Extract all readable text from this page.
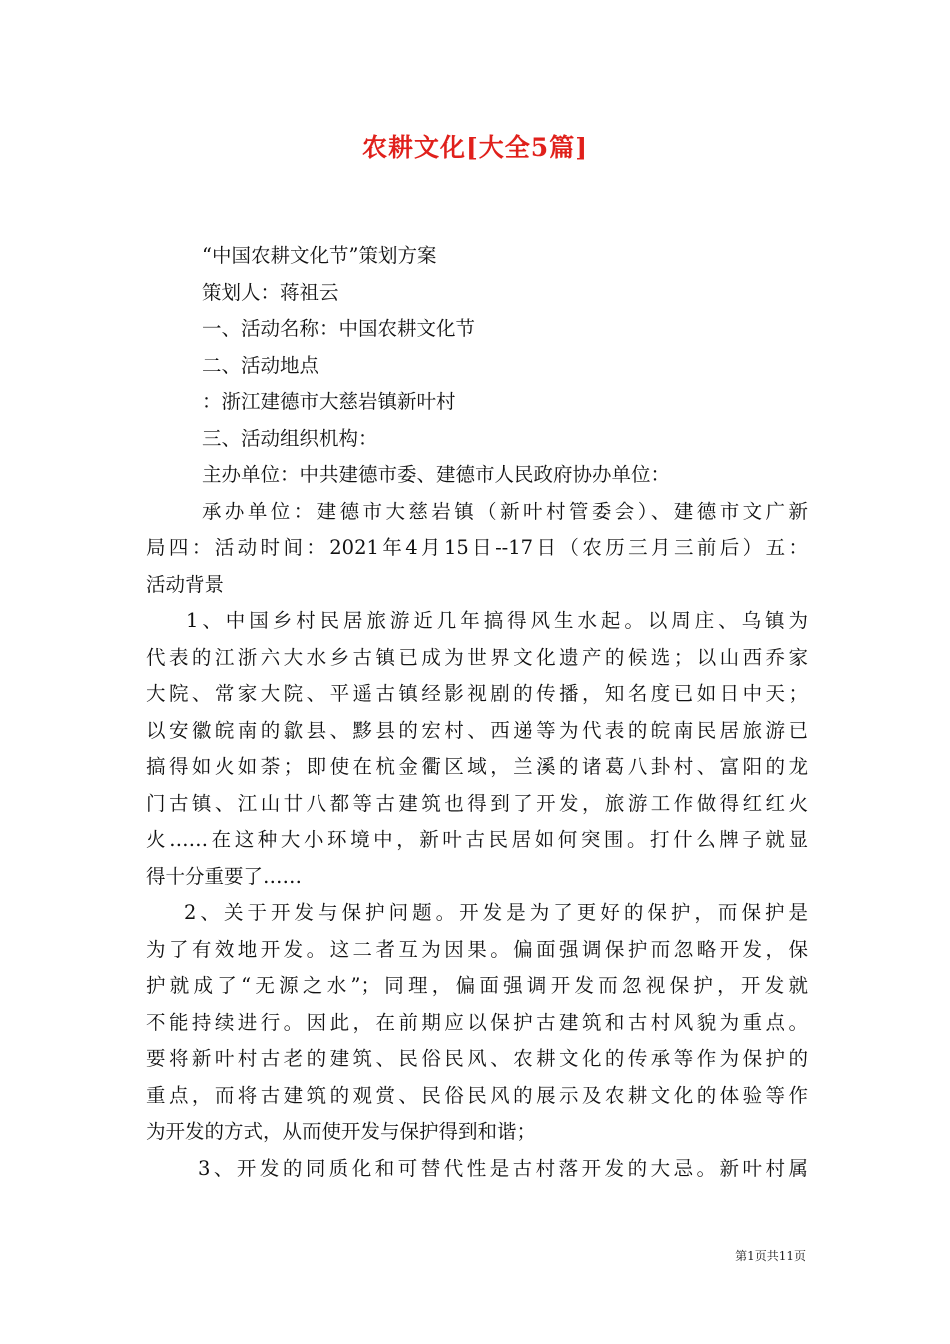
农耕文化[大全5篇]
“中国农耕文化节”策划方案
策划人：蒋祖云
一、活动名称：中国农耕文化节
二、活动地点
：浙江建德市大慈岩镇新叶村
三、活动组织机构：
主办单位：中共建德市委、建德市人民政府协办单位：
承办单位：建德市大慈岩镇（新叶村管委会）、建德市文广新
局四：活动时间：2021年4月15日--17日（农历三月三前后）五：
活动背景
1、中国乡村民居旅游近几年搞得风生水起。以周庄、乌镇为
代表的江浙六大水乡古镇已成为世界文化遗产的候选；以山西乔家
大院、常家大院、平遥古镇经影视剧的传播，知名度已如日中天；
以安徽皖南的歙县、黟县的宏村、西递等为代表的皖南民居旅游已
搞得如火如荼；即使在杭金衢区域，兰溪的诸葛八卦村、富阳的龙
门古镇、江山廿八都等古建筑也得到了开发，旅游工作做得红红火
火……在这种大小环境中，新叶古民居如何突围。打什么牌子就显
得十分重要了……
2、关于开发与保护问题。开发是为了更好的保护，而保护是
为了有效地开发。这二者互为因果。偏面强调保护而忽略开发，保
护就成了“无源之水”；同理，偏面强调开发而忽视保护，开发就
不能持续进行。因此，在前期应以保护古建筑和古村风貌为重点。
要将新叶村古老的建筑、民俗民风、农耕文化的传承等作为保护的
重点，而将古建筑的观赏、民俗民风的展示及农耕文化的体验等作
为开发的方式，从而使开发与保护得到和谐；
3、开发的同质化和可替代性是古村落开发的大忌。新叶村属
第1页共11页
